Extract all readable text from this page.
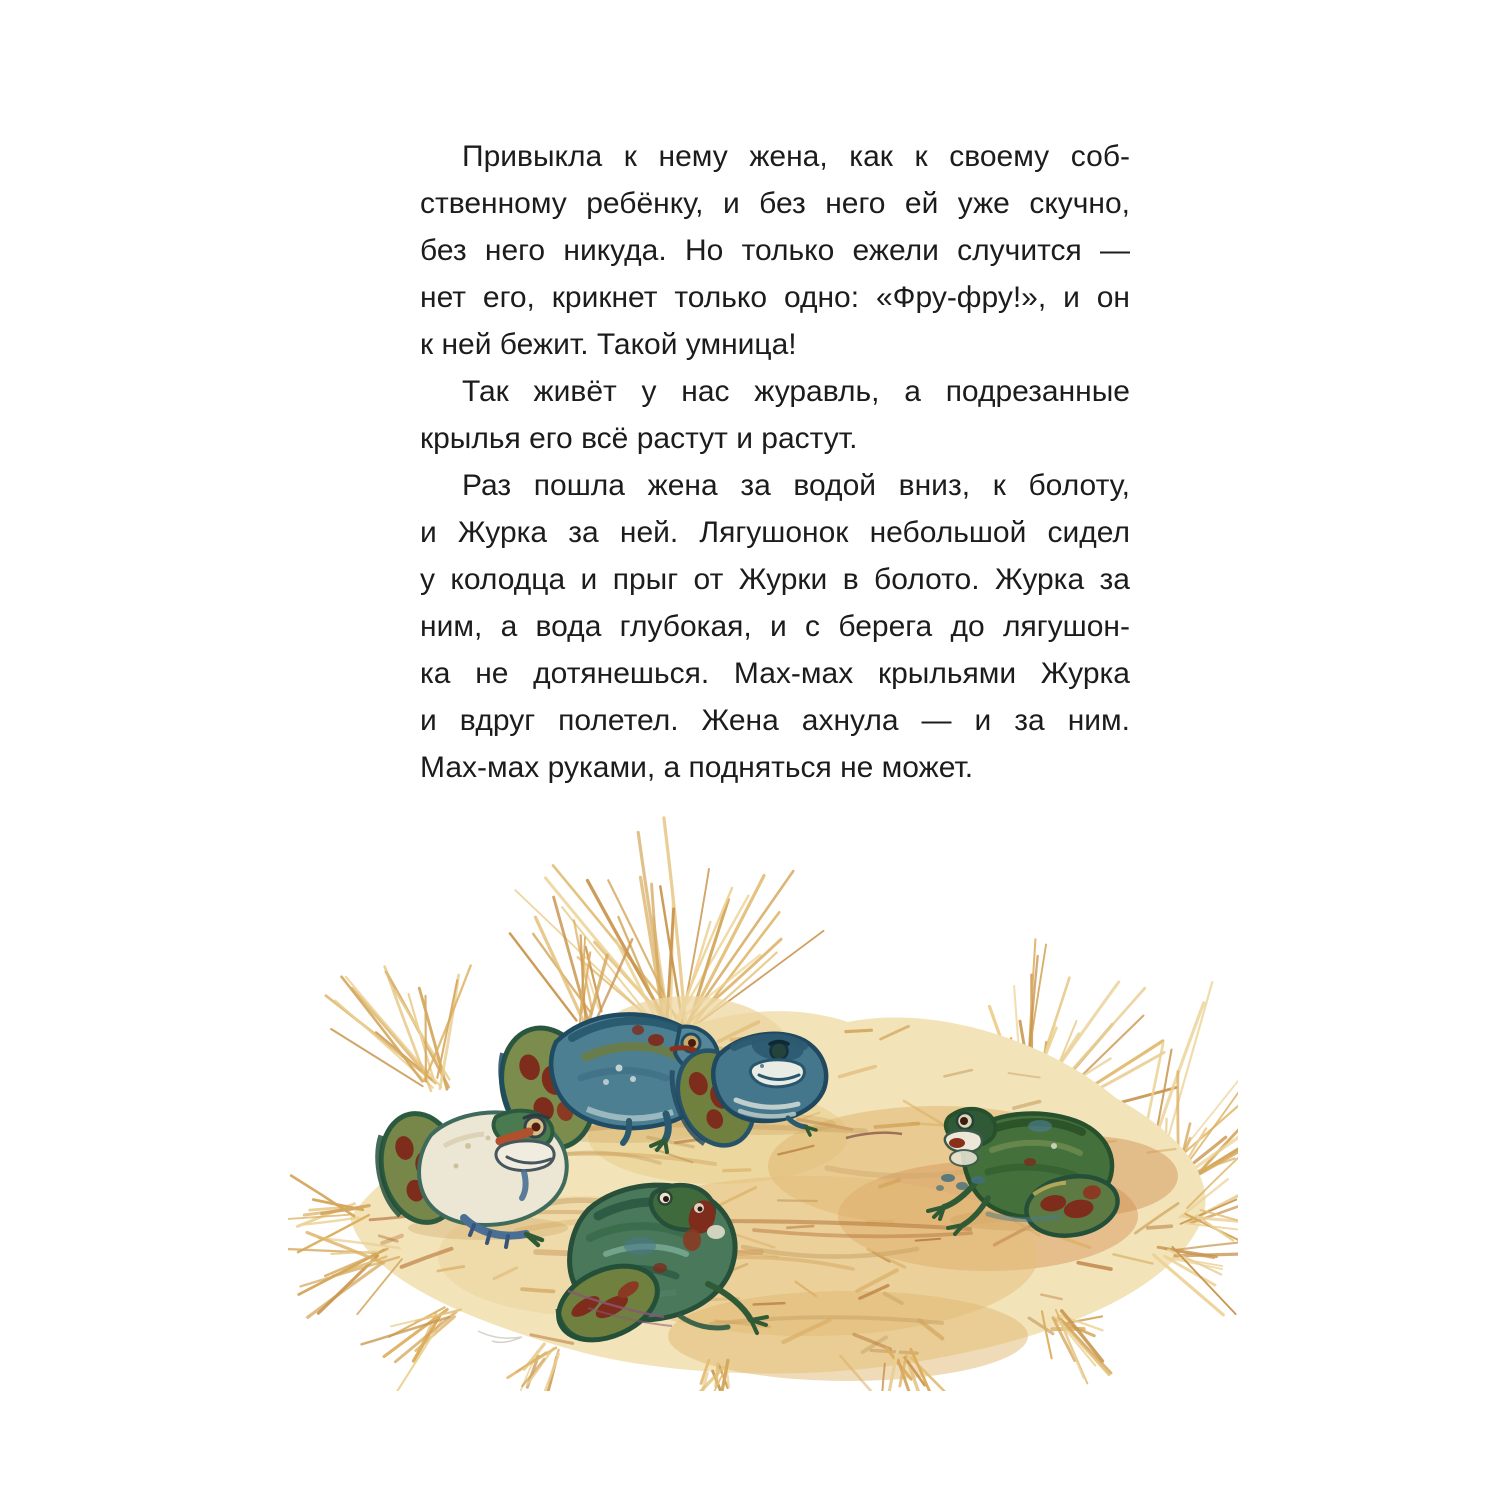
Привыкла к нему жена, как к своему соб-
ственному ребёнку, и без него ей уже скучно,
без него никуда. Но только ежели случится —
нет его, крикнет только одно: «Фру-фру!», и он
к ней бежит. Такой умница!

Так живёт у нас журавль, а подрезанные
крылья его всё растут и растут.

Раз пошла жена за водой вниз, к болоту,
и Журка за ней. Лягушонок небольшой сидел
у колодца и прыг от Журки в болото. Журка за
ним, а вода глубокая, и с берега до лягушон-
ка не дотянешься. Мах-мах крыльями Журка
и вдруг полетел. Жена ахнула — и за ним.
Мах-мах руками, а подняться не может.
